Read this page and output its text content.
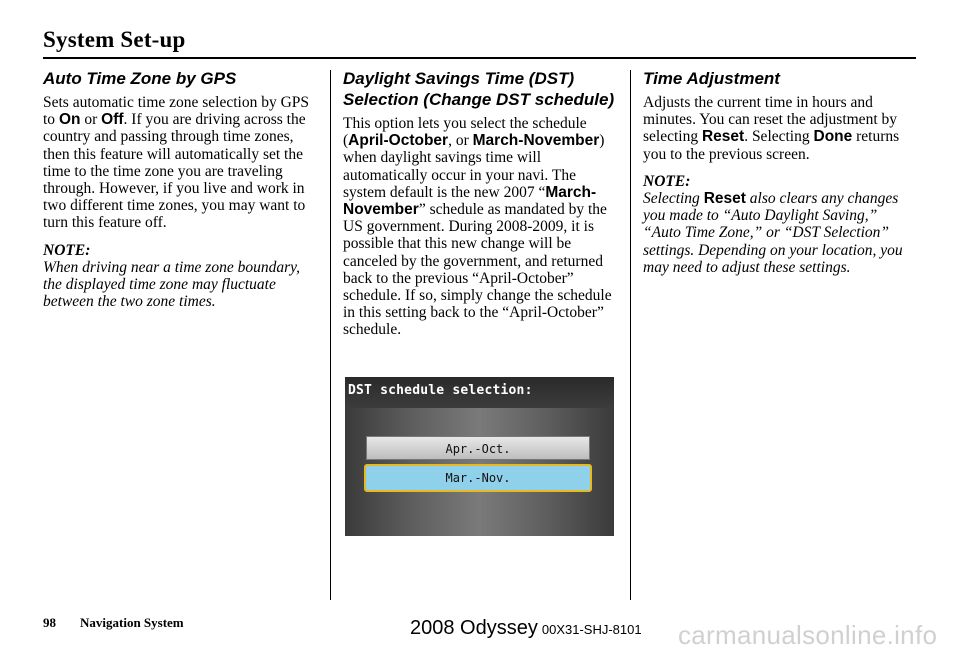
System Set-up
Auto Time Zone by GPS

Sets automatic time zone selection by GPS to On or Off. If you are driving across the country and passing through time zones, then this feature will automatically set the time to the time zone you are traveling through. However, if you live and work in two different time zones, you may want to turn this feature off.

NOTE:

When driving near a time zone boundary, the displayed time zone may fluctuate between the two zone times.

Daylight Savings Time (DST) Selection (Change DST schedule)

This option lets you select the schedule (April-October, or March-November) when daylight savings time will automatically occur in your navi. The system default is the new 2007 “March-November” schedule as mandated by the US government. During 2008-2009, it is possible that this new change will be canceled by the government, and returned back to the previous “April-October” schedule. If so, simply change the schedule in this setting back to the “April-October” schedule.

DST schedule selection:
Apr.-Oct.
Mar.-Nov.
Time Adjustment

Adjusts the current time in hours and minutes. You can reset the adjustment by selecting Reset. Selecting Done returns you to the previous screen.

NOTE:

Selecting Reset also clears any changes you made to “Auto Daylight Saving,” “Auto Time Zone,” or “DST Selection” settings. Depending on your location, you may need to adjust these settings.

98 Navigation System	2008 Odyssey 00X31-SHJ-8101 carmanualsonline.info
